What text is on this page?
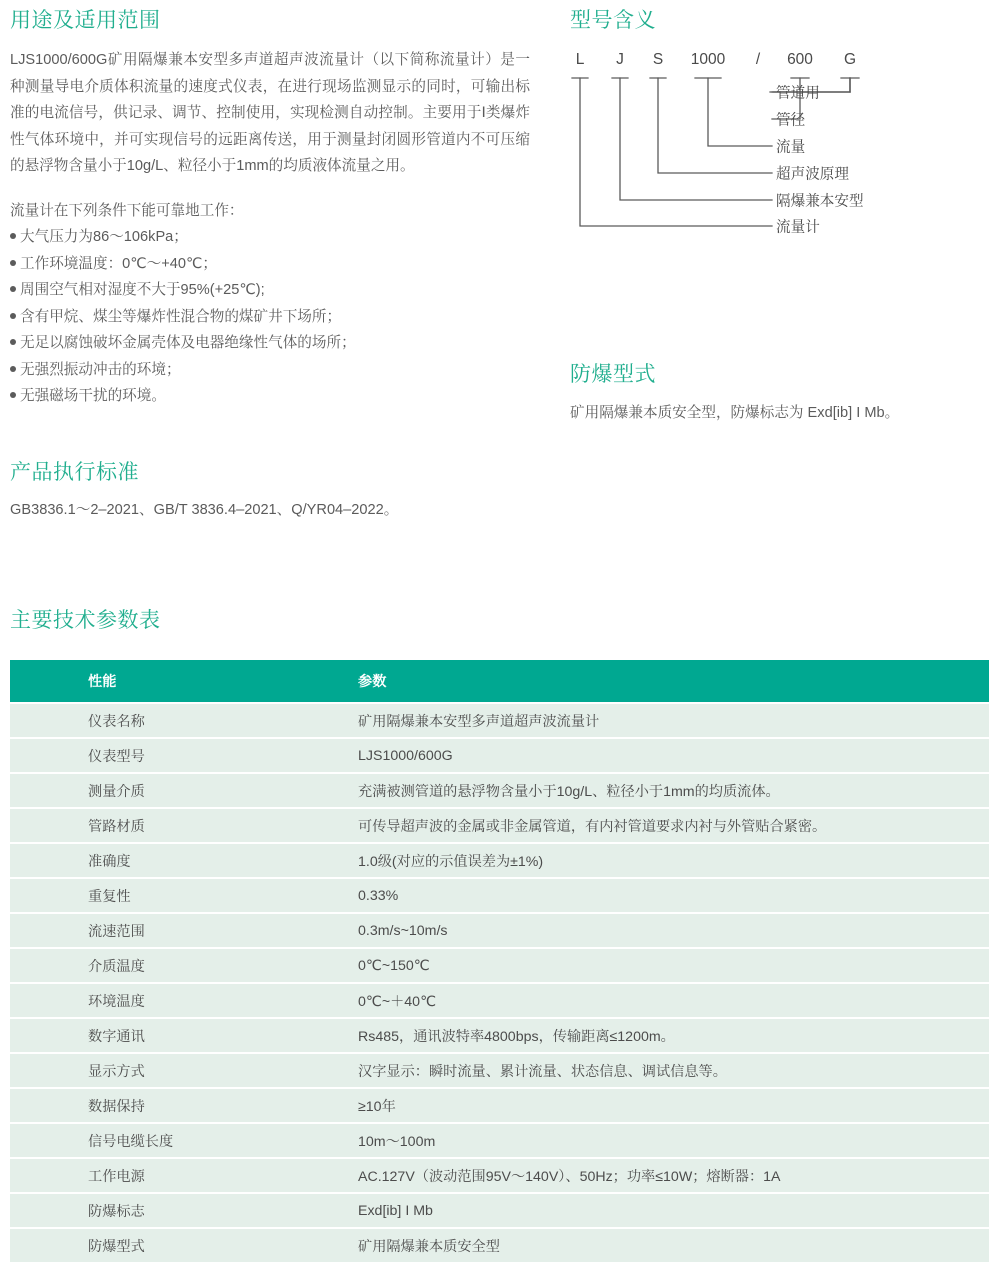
用途及适用范围

LJS1000/600G矿用隔爆兼本安型多声道超声波流量计（以下简称流量计）是一种测量导电介质体积流量的速度式仪表，在进行现场监测显示的同时，可输出标准的电流信号，供记录、调节、控制使用，实现检测自动控制。主要用于Ⅰ类爆炸性气体环境中，并可实现信号的远距离传送，用于测量封闭圆形管道内不可压缩的悬浮物含量小于10g/L、粒径小于1mm的均质液体流量之用。

流量计在下列条件下能可靠地工作：

大气压力为86～106kPa；
工作环境温度：0℃～+40℃；
周围空气相对湿度不大于95%(+25℃);
含有甲烷、煤尘等爆炸性混合物的煤矿井下场所；
无足以腐蚀破坏金属壳体及电器绝缘性气体的场所；
无强烈振动冲击的环境；
无强磁场干扰的环境。
产品执行标准
GB3836.1～2–2021、GB/T 3836.4–2021、Q/YR04–2022。
型号含义
L J S 1000 / 600 G
管道用
管径
流量
超声波原理
隔爆兼本安型
流量计
防爆型式
矿用隔爆兼本质安全型，防爆标志为 Exd[ib] I Mb。
主要技术参数表
性能		参数
仪表名称		矿用隔爆兼本安型多声道超声波流量计
仪表型号		LJS1000/600G
测量介质		充满被测管道的悬浮物含量小于10g/L、粒径小于1mm的均质流体。
管路材质		可传导超声波的金属或非金属管道，有内衬管道要求内衬与外管贴合紧密。
准确度		1.0级(对应的示值误差为±1%)
重复性		0.33%
流速范围		0.3m/s~10m/s
介质温度		0℃~150℃
环境温度		0℃~＋40℃
数字通讯		Rs485，通讯波特率4800bps，传输距离≤1200m。
显示方式		汉字显示：瞬时流量、累计流量、状态信息、调试信息等。
数据保持		≥10年
信号电缆长度		10m～100m
工作电源		AC.127V（波动范围95V～140V）、50Hz；功率≤10W；熔断器：1A
防爆标志		Exd[ib] I Mb
防爆型式		矿用隔爆兼本质安全型
